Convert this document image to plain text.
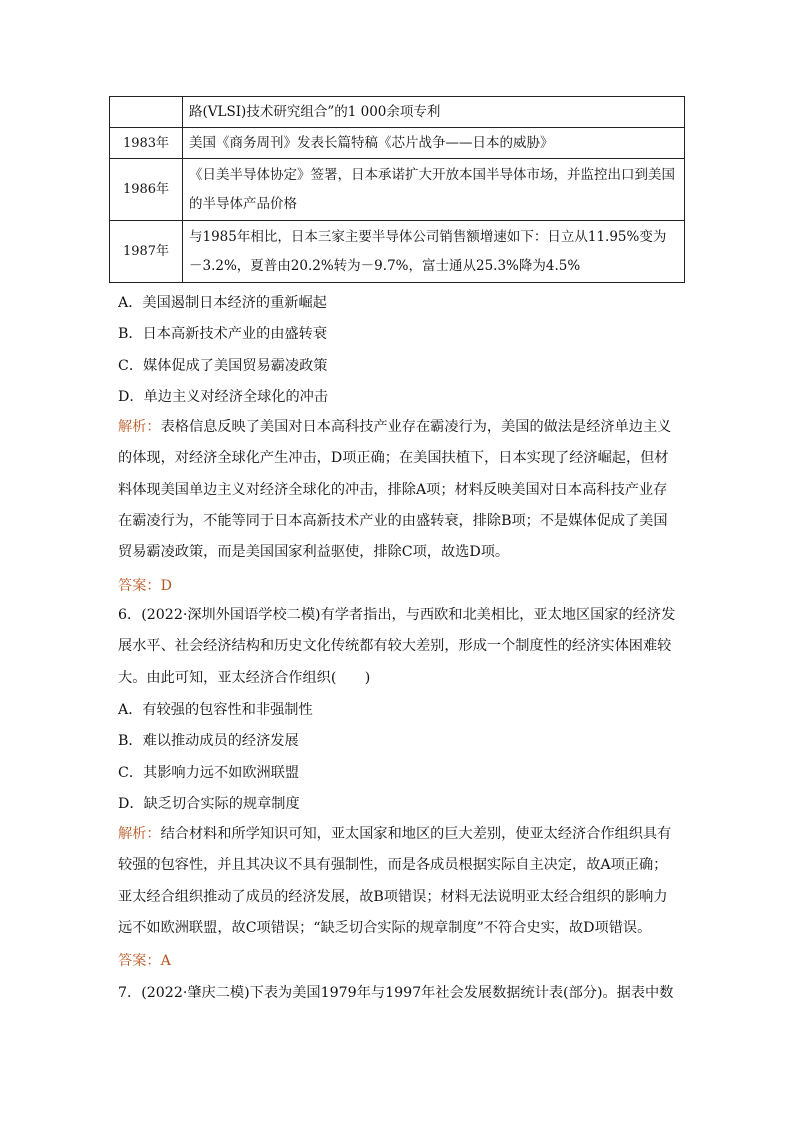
	路(VLSI)技术研究组合”的1 000余项专利
1983年	美国《商务周刊》发表长篇特稿《芯片战争——日本的威胁》
1986年	《日美半导体协定》签署，日本承诺扩大开放本国半导体市场，并监控出口到美国的半导体产品价格
1987年	与1985年相比，日本三家主要半导体公司销售额增速如下：日立从11.95%变为－3.2%，夏普由20.2%转为－9.7%，富士通从25.3%降为4.5%
A．美国遏制日本经济的重新崛起
B．日本高新技术产业的由盛转衰
C．媒体促成了美国贸易霸凌政策
D．单边主义对经济全球化的冲击
解析：表格信息反映了美国对日本高科技产业存在霸凌行为，美国的做法是经济单边主义的体现，对经济全球化产生冲击，D项正确；在美国扶植下，日本实现了经济崛起，但材料体现美国单边主义对经济全球化的冲击，排除A项；材料反映美国对日本高科技产业存在霸凌行为，不能等同于日本高新技术产业的由盛转衰，排除B项；不是媒体促成了美国贸易霸凌政策，而是美国国家利益驱使，排除C项，故选D项。
答案：D
6．(2022·深圳外国语学校二模)有学者指出，与西欧和北美相比，亚太地区国家的经济发展水平、社会经济结构和历史文化传统都有较大差别，形成一个制度性的经济实体困难较大。由此可知，亚太经济合作组织(　　)
A．有较强的包容性和非强制性
B．难以推动成员的经济发展
C．其影响力远不如欧洲联盟
D．缺乏切合实际的规章制度
解析：结合材料和所学知识可知，亚太国家和地区的巨大差别，使亚太经济合作组织具有较强的包容性，并且其决议不具有强制性，而是各成员根据实际自主决定，故A项正确；亚太经合组织推动了成员的经济发展，故B项错误；材料无法说明亚太经合组织的影响力远不如欧洲联盟，故C项错误；“缺乏切合实际的规章制度”不符合史实，故D项错误。
答案：A
7．(2022·肇庆二模)下表为美国1979年与1997年社会发展数据统计表(部分)。据表中数
